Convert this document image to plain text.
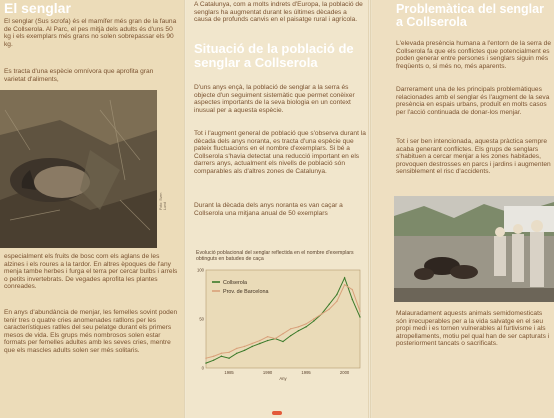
El senglar

El senglar (Sus scrofa) és el mamífer més gran de la fauna de Collserola. Al Parc, el pes mitjà dels adults és d'uns 50 kg i els exemplars més grans no solen sobrepassar els 90 kg.

Es tracta d'una espècie omnívora que aprofita gran varietat d'aliments,

Foto: Sven Lund

especialment els fruits de bosc com els aglans de les alzines i els roures a la tardor. En altres èpoques de l'any menja tambe herbes i furga el terra per cercar bulbs i arrels o petits invertebrats. De vegades aprofita les plantes conreades.

En anys d'abundància de menjar, les femelles sovint poden tenir tres o quatre cries anomenades ratllons per les característiques ratlles del seu pelatge durant els primers mesos de vida. Els grups més nombrosos solen estar formats per femelles adultes amb les seves cries, mentre que els mascles adults solen ser més solitaris.

A Catalunya, com a molts indrets d'Europa, la població de senglars ha augmentat durant les últimes dècades a causa de profunds canvis en el paisatge rural i agrícola.

Situació de la població de senglar a Collserola

D'uns anys ençà, la població de senglar a la serra és objecte d'un seguiment sistemàtic que permet conèixer aspectes importants de la seva biologia en un context inusual per a aquesta espècie.

Tot i l'augment general de població que s'observa durant la dècada dels anys noranta, es tracta d'una espècie que pateix fluctuacions en el nombre d'exemplars. Si bé a Collserola s'havia detectat una reducció important en els darrers anys, actualment els nivells de població són comparables als d'altres zones de Catalunya.

Durant la dècada dels anys noranta es van caçar a Collserola una mitjana anual de 50 exemplars

Evolució poblacional del senglar reflectida en el nombre d'exemplars obtinguts en batudes de caça
0
50
100
1985	1990	1995	2000
Collserola
Prov. de Barcelona
Any
Problemàtica del senglar a Collserola

L'elevada presència humana a l'entorn de la serra de Collserola fa que els conflictes que potencialment es poden generar entre persones i senglars siguin més freqüents o, si més no, més aparents.

Darrerament una de les principals problemàtiques relacionades amb el senglar és l'augment de la seva presència en espais urbans, produït en molts casos per l'acció continuada de donar-los menjar.

Tot i ser ben intencionada, aquesta pràctica sempre acaba generant conflictes. Els grups de senglars s'habituen a cercar menjar a les zones habitades, provoquen destrosses en parcs i jardins i augmenten sensiblement el risc d'accidents.

Malauradament aquests animals semidomesticats són irrecuperables per a la vida salvatge en el seu propi medi i es tornen vulnerables al furtivisme i als atropellaments, motiu pel qual han de ser capturats i posteriorment tancats o sacrificats.
